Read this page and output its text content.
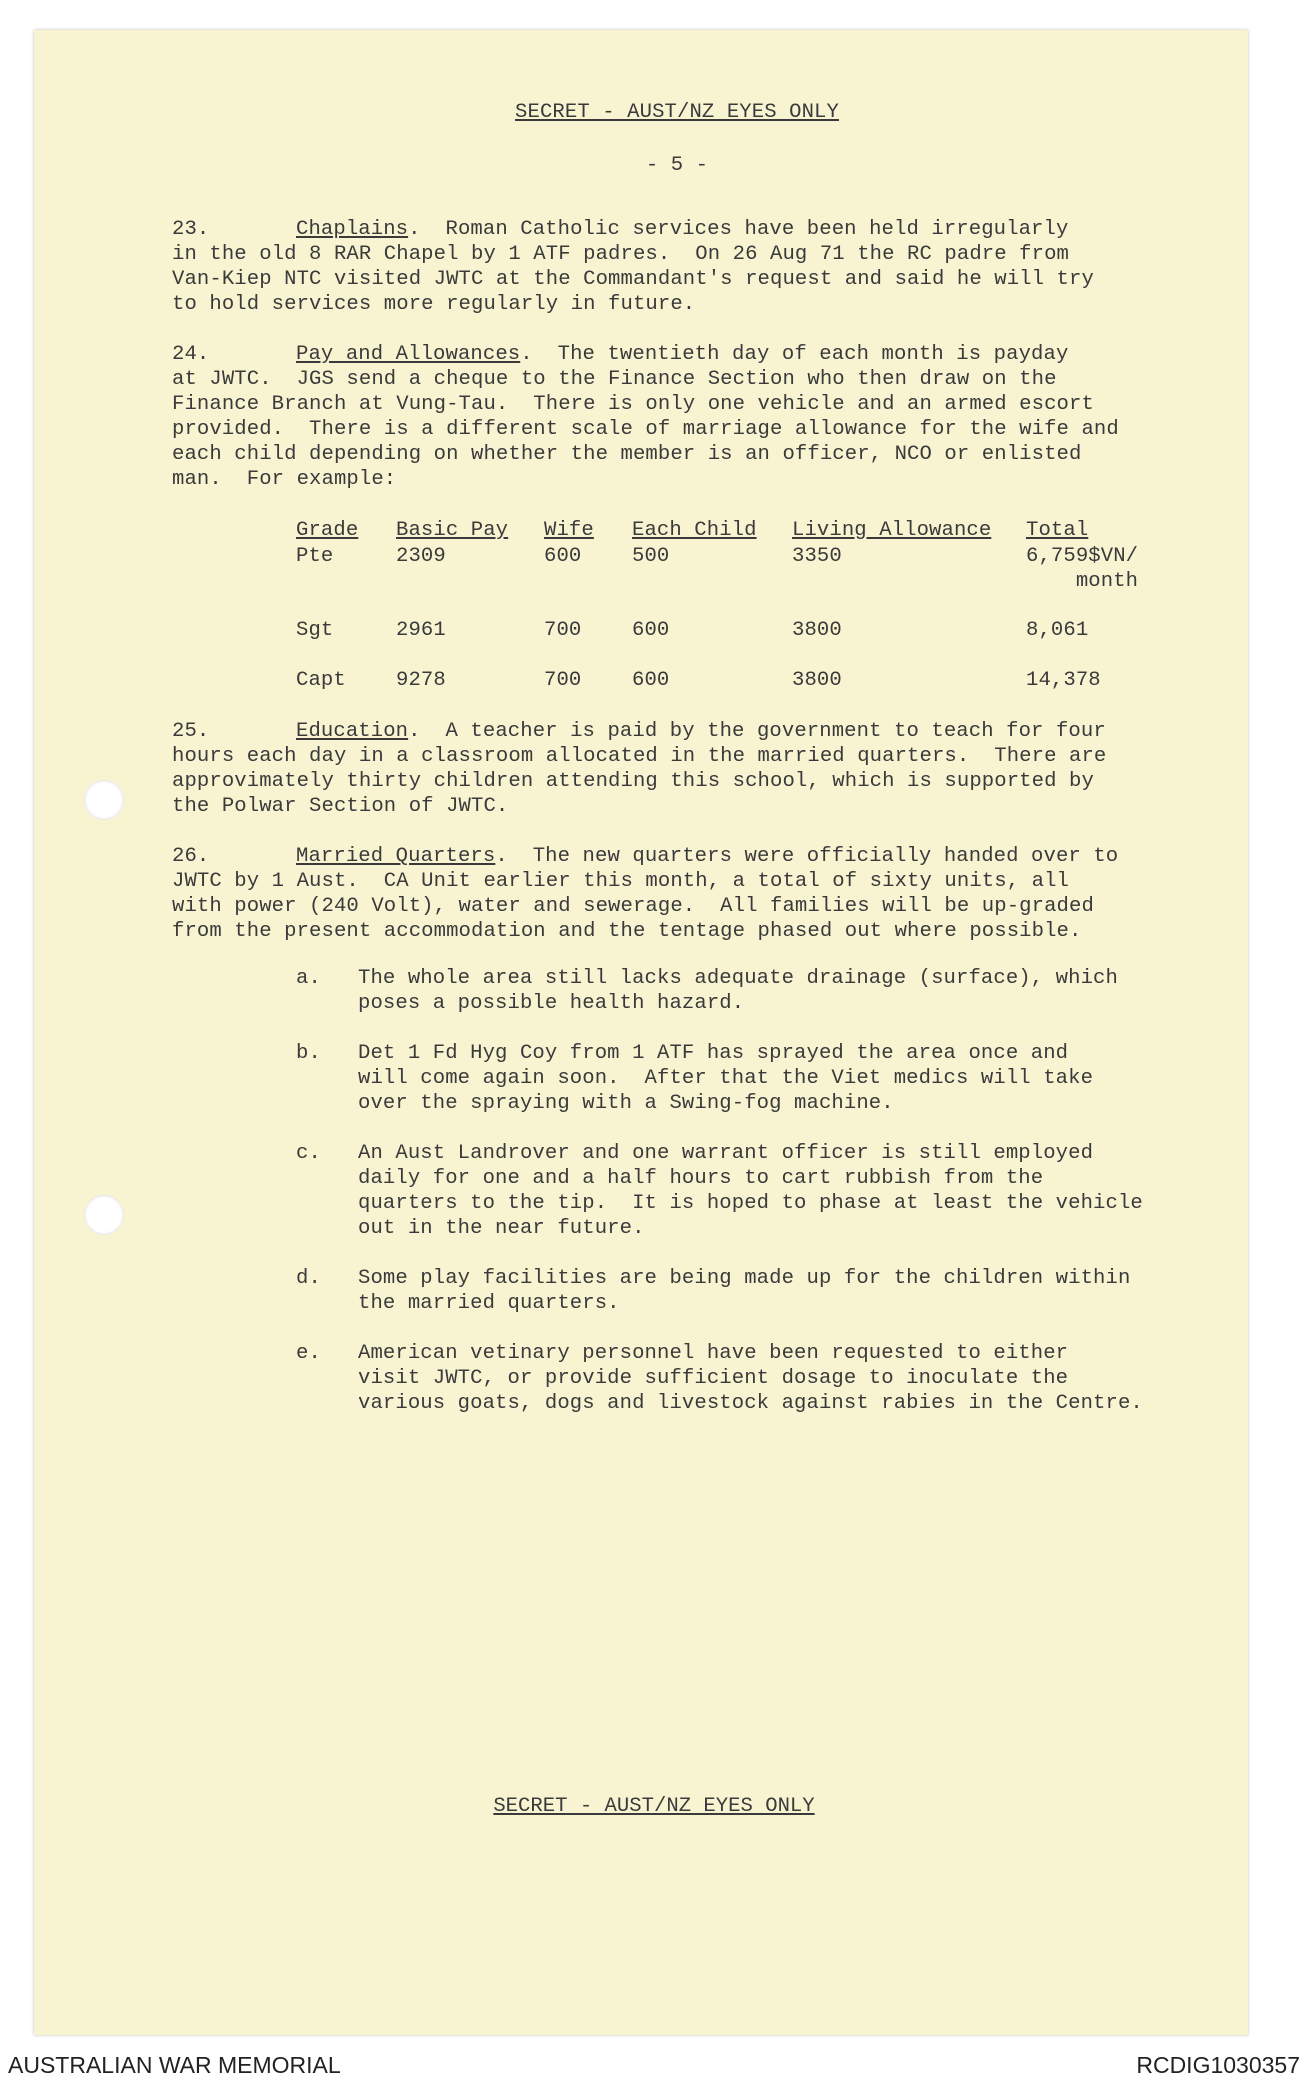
SECRET - AUST/NZ EYES ONLY
- 5 -
23.	Chaplains.  Roman Catholic services have been held irregularly
in the old 8 RAR Chapel by 1 ATF padres.  On 26 Aug 71 the RC padre from
Van-Kiep NTC visited JWTC at the Commandant's request and said he will try
to hold services more regularly in future.
24.	Pay and Allowances.  The twentieth day of each month is payday
at JWTC.  JGS send a cheque to the Finance Section who then draw on the
Finance Branch at Vung-Tau.  There is only one vehicle and an armed escort
provided.  There is a different scale of marriage allowance for the wife and
each child depending on whether the member is an officer, NCO or enlisted
man.  For example:
Grade	Basic Pay	Wife	Each Child	Living Allowance	Total
Pte	2309	600	500	3350	6,759$VN/
month
Sgt	2961	700	600	3800	8,061
Capt	9278	700	600	3800	14,378
25.	Education.  A teacher is paid by the government to teach for four
hours each day in a classroom allocated in the married quarters.  There are
approvimately thirty children attending this school, which is supported by
the Polwar Section of JWTC.
26.	Married Quarters.  The new quarters were officially handed over to
JWTC by 1 Aust.  CA Unit earlier this month, a total of sixty units, all
with power (240 Volt), water and sewerage.  All families will be up-graded
from the present accommodation and the tentage phased out where possible.
a.	The whole area still lacks adequate drainage (surface), which
poses a possible health hazard.
b.	Det 1 Fd Hyg Coy from 1 ATF has sprayed the area once and
will come again soon.  After that the Viet medics will take
over the spraying with a Swing-fog machine.
c.	An Aust Landrover and one warrant officer is still employed
daily for one and a half hours to cart rubbish from the
quarters to the tip.  It is hoped to phase at least the vehicle
out in the near future.
d.	Some play facilities are being made up for the children within
the married quarters.
e.	American vetinary personnel have been requested to either
visit JWTC, or provide sufficient dosage to inoculate the
various goats, dogs and livestock against rabies in the Centre.
SECRET - AUST/NZ EYES ONLY
AUSTRALIAN WAR MEMORIAL	RCDIG1030357
